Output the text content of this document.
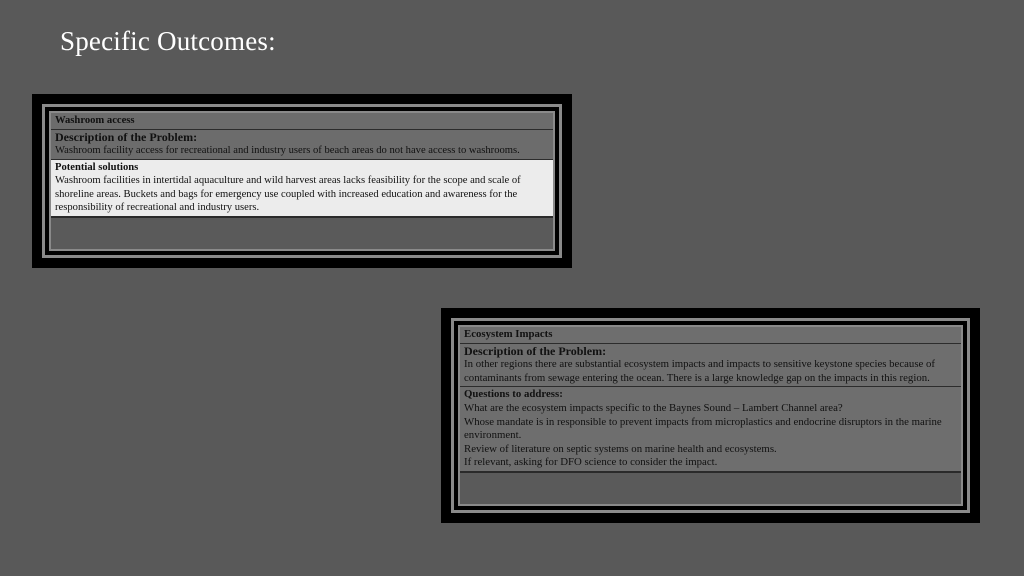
Specific Outcomes:
Washroom access
Description of the Problem:
Washroom facility access for recreational and industry users of beach areas do not have access to washrooms.
Potential solutions
Washroom facilities in intertidal aquaculture and wild harvest areas lacks feasibility for the scope and scale of shoreline areas. Buckets and bags for emergency use coupled with increased education and awareness for the responsibility of recreational and industry users.
Ecosystem Impacts
Description of the Problem:
In other regions there are substantial ecosystem impacts and impacts to sensitive keystone species because of contaminants from sewage entering the ocean. There is a large knowledge gap on the impacts in this region.
Questions to address:
What are the ecosystem impacts specific to the Baynes Sound – Lambert Channel area?
Whose mandate is in responsible to prevent impacts from microplastics and endocrine disruptors in the marine environment.
Review of literature on septic systems on marine health and ecosystems.
If relevant, asking for DFO science to consider the impact.
